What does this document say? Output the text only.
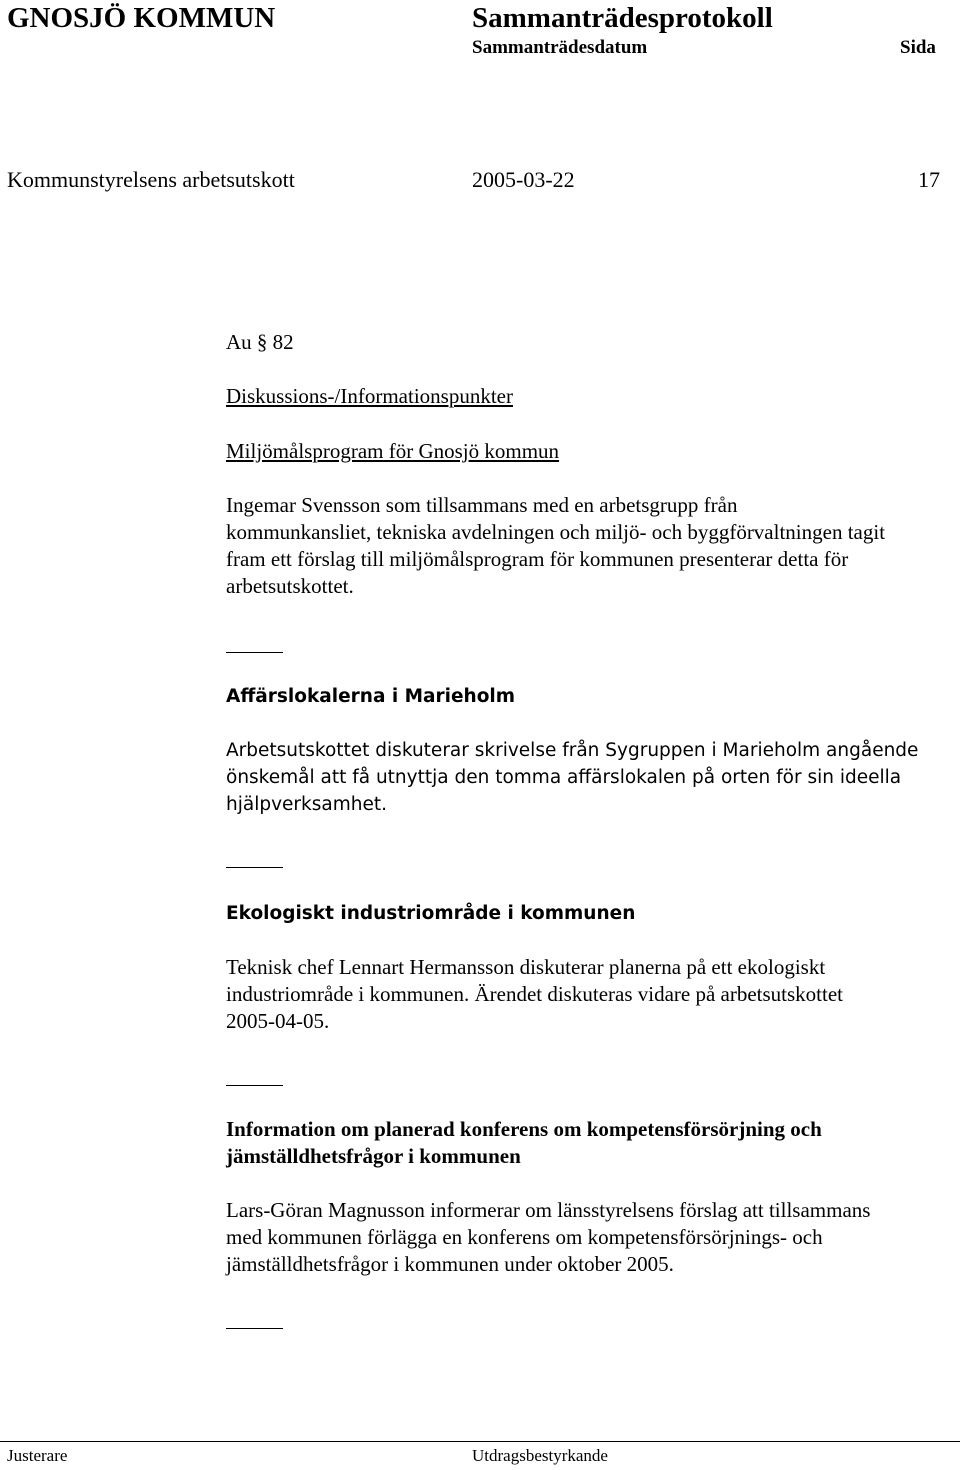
GNOSJÖ KOMMUN	Sammanträdesprotokoll
Sammanträdesdatum	Sida
Kommunstyrelsens arbetsutskott	2005-03-22	17

Au § 82

Diskussions-/Informationspunkter

Miljömålsprogram för Gnosjö kommun

Ingemar Svensson som tillsammans med en arbetsgrupp från

kommunkansliet, tekniska avdelningen och miljö- och byggförvaltningen tagit

fram ett förslag till miljömålsprogram för kommunen presenterar detta för

arbetsutskottet.

Affärslokalerna i Marieholm

Arbetsutskottet diskuterar skrivelse från Sygruppen i Marieholm angående

önskemål att få utnyttja den tomma affärslokalen på orten för sin ideella

hjälpverksamhet.

Ekologiskt industriområde i kommunen

Teknisk chef Lennart Hermansson diskuterar planerna på ett ekologiskt

industriområde i kommunen. Ärendet diskuteras vidare på arbetsutskottet

2005-04-05.

Information om planerad konferens om kompetensförsörjning och

jämställdhetsfrågor i kommunen

Lars-Göran Magnusson informerar om länsstyrelsens förslag att tillsammans

med kommunen förlägga en konferens om kompetensförsörjnings- och

jämställdhetsfrågor i kommunen under oktober 2005.

Justerare	Utdragsbestyrkande
